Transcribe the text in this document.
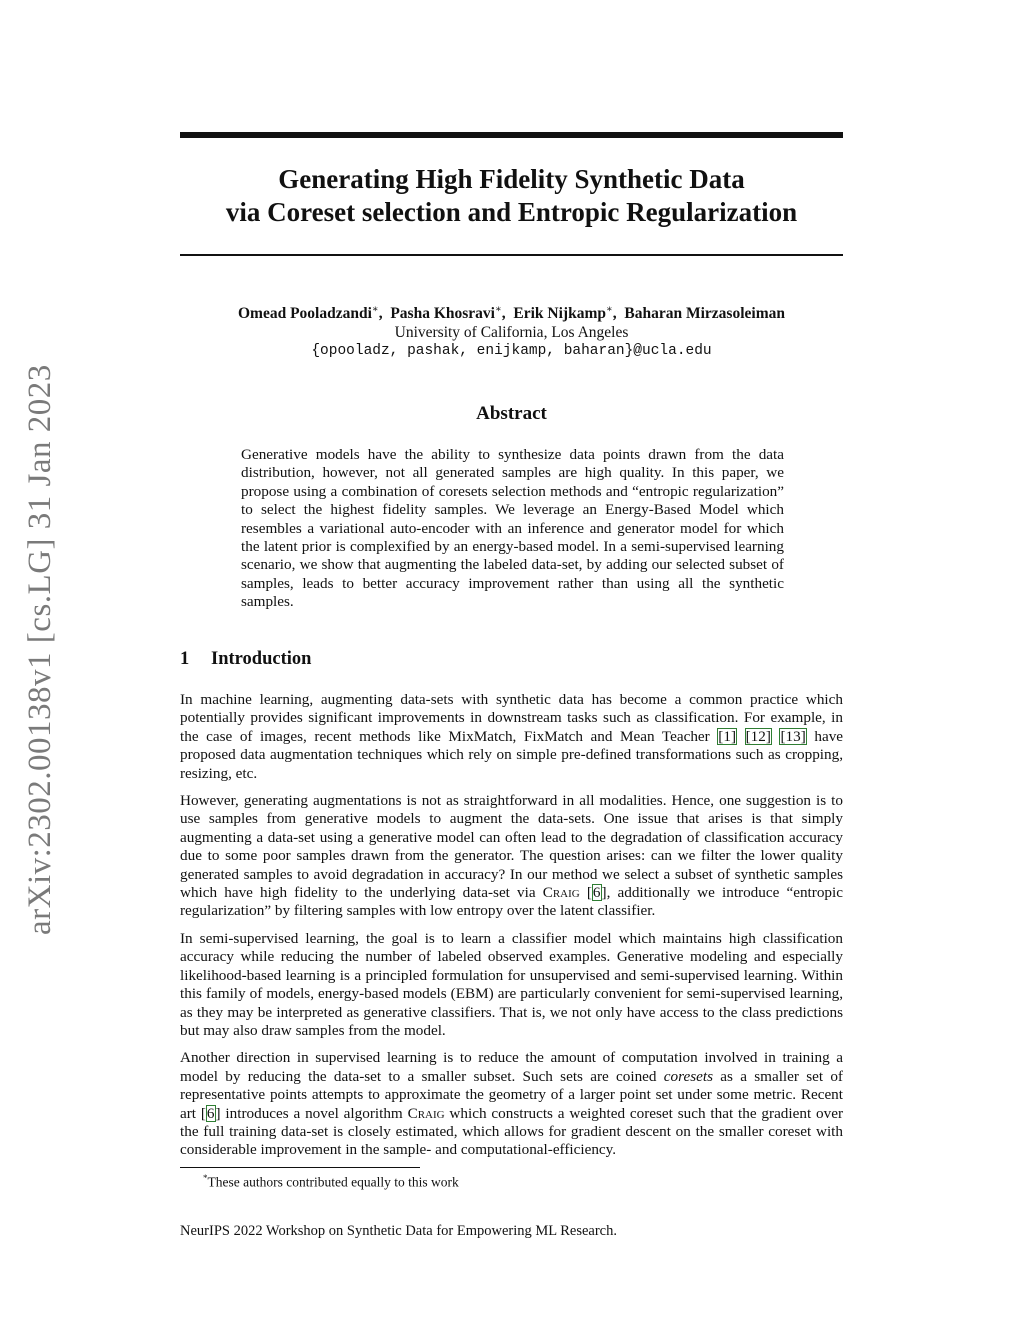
arXiv:2302.00138v1 [cs.LG] 31 Jan 2023
Generating High Fidelity Synthetic Data
via Coreset selection and Entropic Regularization
Omead Pooladzandi∗, Pasha Khosravi∗, Erik Nijkamp∗, Baharan Mirzasoleiman
University of California, Los Angeles
{opooladz, pashak, enijkamp, baharan}@ucla.edu
Abstract

Generative models have the ability to synthesize data points drawn from the data distribution, however, not all generated samples are high quality. In this paper, we propose using a combination of coresets selection methods and “entropic regularization” to select the highest fidelity samples. We leverage an Energy-Based Model which resembles a variational auto-encoder with an inference and generator model for which the latent prior is complexified by an energy-based model. In a semi-supervised learning scenario, we show that augmenting the labeled data-set, by adding our selected subset of samples, leads to better accuracy improvement rather than using all the synthetic samples.

1 Introduction

In machine learning, augmenting data-sets with synthetic data has become a common practice which potentially provides significant improvements in downstream tasks such as classification. For example, in the case of images, recent methods like MixMatch, FixMatch and Mean Teacher [1] [12] [13] have proposed data augmentation techniques which rely on simple pre-defined transformations such as cropping, resizing, etc.

However, generating augmentations is not as straightforward in all modalities. Hence, one suggestion is to use samples from generative models to augment the data-sets. One issue that arises is that simply augmenting a data-set using a generative model can often lead to the degradation of classification accuracy due to some poor samples drawn from the generator. The question arises: can we filter the lower quality generated samples to avoid degradation in accuracy? In our method we select a subset of synthetic samples which have high fidelity to the underlying data-set via Craig [6], additionally we introduce “entropic regularization” by filtering samples with low entropy over the latent classifier.

In semi-supervised learning, the goal is to learn a classifier model which maintains high classification accuracy while reducing the number of labeled observed examples. Generative modeling and especially likelihood-based learning is a principled formulation for unsupervised and semi-supervised learning. Within this family of models, energy-based models (EBM) are particularly convenient for semi-supervised learning, as they may be interpreted as generative classifiers. That is, we not only have access to the class predictions but may also draw samples from the model.

Another direction in supervised learning is to reduce the amount of computation involved in training a model by reducing the data-set to a smaller subset. Such sets are coined coresets as a smaller set of representative points attempts to approximate the geometry of a larger point set under some metric. Recent art [6] introduces a novel algorithm Craig which constructs a weighted coreset such that the gradient over the full training data-set is closely estimated, which allows for gradient descent on the smaller coreset with considerable improvement in the sample- and computational-efficiency.

*These authors contributed equally to this work
NeurIPS 2022 Workshop on Synthetic Data for Empowering ML Research.
